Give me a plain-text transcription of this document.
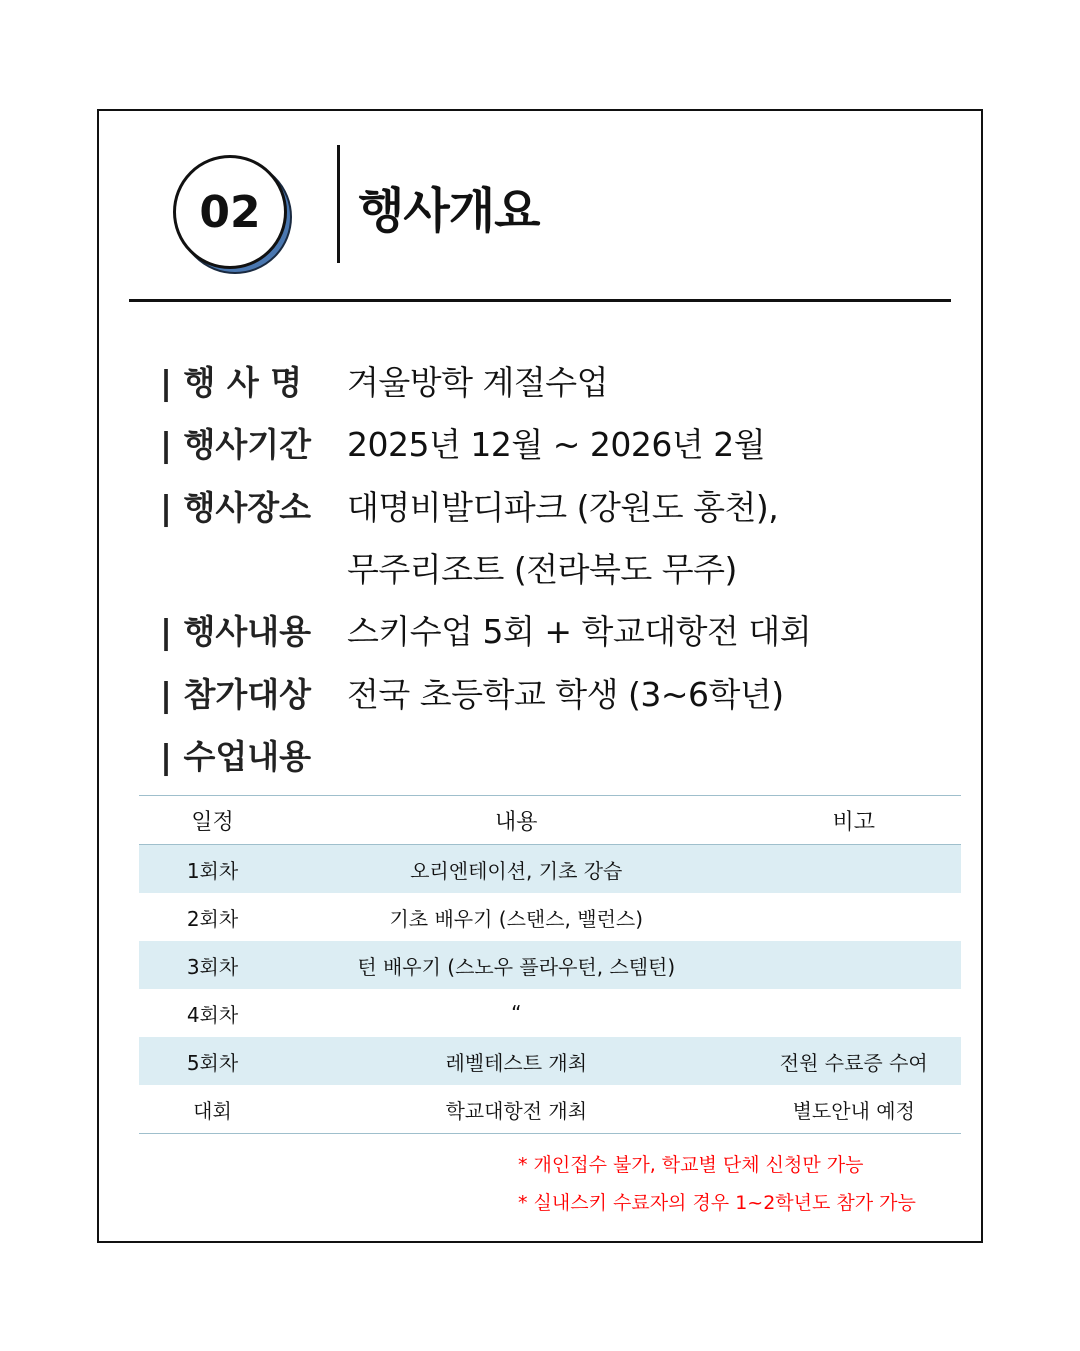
02	행사개요
| 행 사 명	겨울방학 계절수업
| 행사기간	2025년 12월 ~ 2026년 2월
| 행사장소	대명비발디파크 (강원도 홍천),
무주리조트 (전라북도 무주)
| 행사내용	스키수업 5회 + 학교대항전 대회
| 참가대상	전국 초등학교 학생 (3~6학년)
| 수업내용
일정	내용	비고
1회차	오리엔테이션, 기초 강습	
2회차	기초 배우기 (스탠스, 밸런스)	
3회차	턴 배우기 (스노우 플라우턴, 스템턴)	
4회차	“	
5회차	레벨테스트 개최	전원 수료증 수여
대회	학교대항전 개최	별도안내 예정
* 개인접수 불가, 학교별 단체 신청만 가능
* 실내스키 수료자의 경우 1~2학년도 참가 가능
